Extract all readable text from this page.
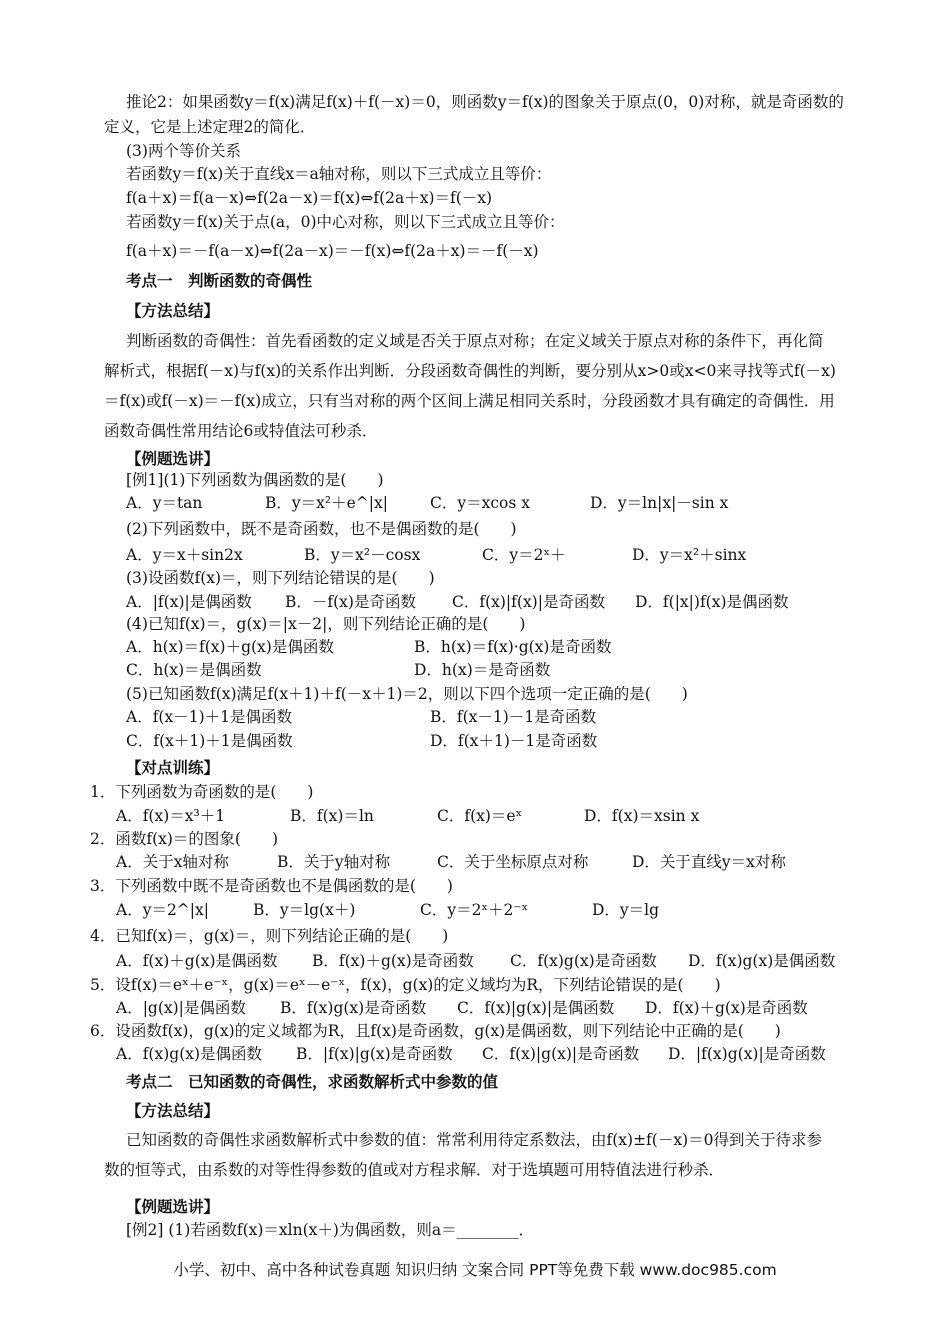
推论2：如果函数y＝f(x)满足f(x)＋f(－x)＝0，则函数y＝f(x)的图象关于原点(0，0)对称，就是奇函数的
定义，它是上述定理2的简化．
(3)两个等价关系
若函数y＝f(x)关于直线x＝a轴对称，则以下三式成立且等价：
f(a＋x)＝f(a－x)⇔f(2a－x)＝f(x)⇔f(2a＋x)＝f(－x)
若函数y＝f(x)关于点(a，0)中心对称，则以下三式成立且等价：
f(a＋x)＝－f(a－x)⇔f(2a－x)＝－f(x)⇔f(2a＋x)＝－f(－x)
考点一　判断函数的奇偶性
【方法总结】
判断函数的奇偶性：首先看函数的定义域是否关于原点对称；在定义域关于原点对称的条件下，再化简
解析式，根据f(－x)与f(x)的关系作出判断．分段函数奇偶性的判断，要分别从x>0或x<0来寻找等式f(－x)
＝f(x)或f(－x)＝－f(x)成立，只有当对称的两个区间上满足相同关系时，分段函数才具有确定的奇偶性．用
函数奇偶性常用结论6或特值法可秒杀．
【例题选讲】
[例1](1)下列函数为偶函数的是(　　)
A．y＝tan	B．y＝x²＋e^|x|	C．y＝xcos x	D．y＝ln|x|－sin x
(2)下列函数中，既不是奇函数，也不是偶函数的是(　　)
A．y＝x＋sin2x	B．y＝x²－cosx	C．y＝2ˣ＋	D．y＝x²＋sinx
(3)设函数f(x)＝，则下列结论错误的是(　　)
A．|f(x)|是偶函数 B．－f(x)是奇函数 C．f(x)|f(x)|是奇函数 D．f(|x|)f(x)是偶函数
(4)已知f(x)＝，g(x)＝|x－2|，则下列结论正确的是(　　)
A．h(x)＝f(x)＋g(x)是偶函数	B．h(x)＝f(x)·g(x)是奇函数
C．h(x)＝是偶函数	D．h(x)＝是奇函数
(5)已知函数f(x)满足f(x＋1)＋f(－x＋1)＝2，则以下四个选项一定正确的是(　　)
A．f(x－1)＋1是偶函数	B．f(x－1)－1是奇函数
C．f(x＋1)＋1是偶函数	D．f(x＋1)－1是奇函数
【对点训练】
1．下列函数为奇函数的是(　　)
A．f(x)＝x³＋1	B．f(x)＝ln	C．f(x)＝eˣ	D．f(x)＝xsin x
2．函数f(x)＝的图象(　　)
A．关于x轴对称	B．关于y轴对称	C．关于坐标原点对称	D．关于直线y＝x对称
3．下列函数中既不是奇函数也不是偶函数的是(　　)
A．y＝2^|x|	B．y＝lg(x＋)	C．y＝2ˣ＋2⁻ˣ	D．y＝lg
4．已知f(x)＝，g(x)＝，则下列结论正确的是(　　)
A．f(x)＋g(x)是偶函数 B．f(x)＋g(x)是奇函数 C．f(x)g(x)是奇函数 D．f(x)g(x)是偶函数
5．设f(x)＝eˣ＋e⁻ˣ，g(x)＝eˣ－e⁻ˣ，f(x)，g(x)的定义域均为R，下列结论错误的是(　　)
A．|g(x)|是偶函数 B．f(x)g(x)是奇函数 C．f(x)|g(x)|是偶函数 D．f(x)＋g(x)是奇函数
6．设函数f(x)，g(x)的定义域都为R，且f(x)是奇函数，g(x)是偶函数，则下列结论中正确的是(　　)
A．f(x)g(x)是偶函数 B．|f(x)|g(x)是奇函数 C．f(x)|g(x)|是奇函数 D．|f(x)g(x)|是奇函数
考点二　已知函数的奇偶性，求函数解析式中参数的值
【方法总结】
已知函数的奇偶性求函数解析式中参数的值：常常利用待定系数法，由f(x)±f(－x)＝0得到关于待求参
数的恒等式，由系数的对等性得参数的值或对方程求解．对于选填题可用特值法进行秒杀．
【例题选讲】
[例2] (1)若函数f(x)＝xln(x＋)为偶函数，则a＝________．
小学、初中、高中各种试卷真题 知识归纳 文案合同 PPT等免费下载 www.doc985.com
